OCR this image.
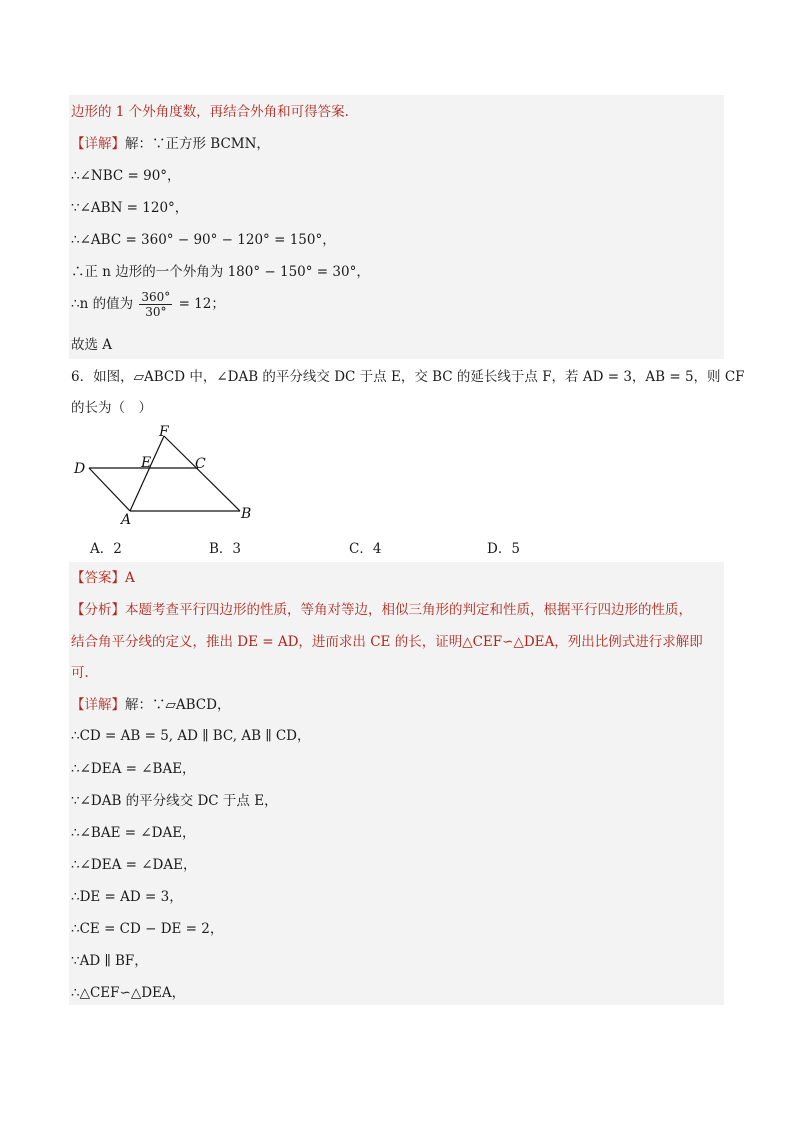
边形的 1 个外角度数，再结合外角和可得答案.
【详解】解：∵正方形 BCMN，
∴∠NBC = 90°，
∵∠ABN = 120°，
∴∠ABC = 360° − 90° − 120° = 150°，
∴正 n 边形的一个外角为 180° − 150° = 30°，
∴n 的值为 $\frac{360^\circ}{30^\circ} = 12$；
故选 A
6．如图，▱ABCD 中，∠DAB 的平分线交 DC 于点 E，交 BC 的延长线于点 F，若 AD = 3，AB = 5，则 CF
的长为（　）
F
E	C
D
A	B
A．2	B．3	C．4	D．5
【答案】A
【分析】本题考查平行四边形的性质，等角对等边，相似三角形的判定和性质，根据平行四边形的性质，
结合角平分线的定义，推出 DE = AD，进而求出 CE 的长，证明△CEF∽△DEA，列出比例式进行求解即
可.
【详解】解：∵▱ABCD，
∴CD = AB = 5, AD ∥ BC, AB ∥ CD，
∴∠DEA = ∠BAE，
∵∠DAB 的平分线交 DC 于点 E，
∴∠BAE = ∠DAE，
∴∠DEA = ∠DAE，
∴DE = AD = 3，
∴CE = CD − DE = 2，
∵AD ∥ BF，
∴△CEF∽△DEA，
